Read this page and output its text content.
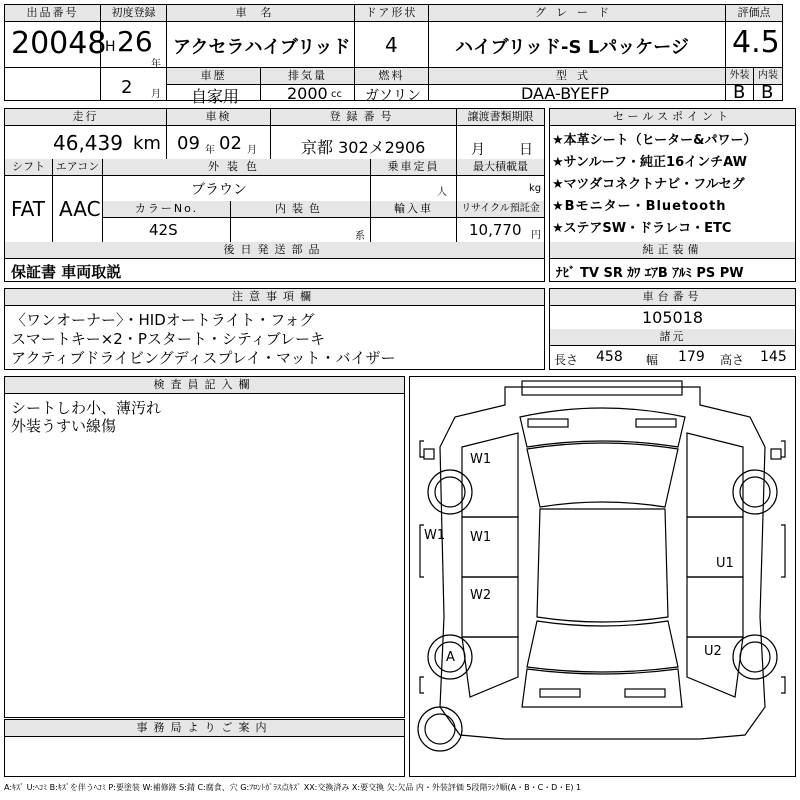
出品番号
20048
初度登録
H 26
年
2 月
車名
アクセラハイブリッド
ドア形状
4
グレード
ハイブリッド-S Lパッケージ
評価点
4.5
車歴
自家用
排気量
2000 cc
燃料
ガソリン
型式
DAA-BYEFP
外装
B
内装
B
走行
46,439 km
車検
09 年 02 月
登録番号
京都 302メ2906
譲渡書類期限
月 日
シフト
FAT
エアコン
AAC
外装色
ブラウン
乗車定員
人
最大積載量
kg
カラーNo.
42S
内装色
系
輸入車	リサイクル預託金
10,770 円
後日発送部品
保証書 車両取説
セールスポイント
★本革シート（ヒーター&パワー）
★サンルーフ・純正16インチAW
★マツダコネクトナビ・フルセグ
★Bモニター・Bluetooth
★ステアSW・ドラレコ・ETC
純正装備
ﾅﾋﾞ TV SR ｶﾜ ｴｱB ｱﾙﾐ PS PW
注意事項欄
〈ワンオーナー〉・HIDオートライト・フォグ
スマートキー×2・Pスタート・シティブレーキ
アクティブドライビングディスプレイ・マット・バイザー
車台番号
105018
諸元
長さ 458 幅 179 高さ 145
検査員記入欄
シートしわ小、薄汚れ
外装うすい線傷
事務局よりご案内
W1
W1 W1
W2
U1
U2
A
A:ｷｽﾞ U:ﾍｺﾐ B:ｷｽﾞを伴うﾍｺﾐ P:要塗装 W:補修跡 S:錆 C:腐食、穴 G:ﾌﾛﾝﾄｶﾞﾗｽ点ｷｽﾞ XX:交換済み X:要交換 欠:欠品 内・外装評価 5段階ﾗﾝｸ順(A・B・C・D・E) 1
